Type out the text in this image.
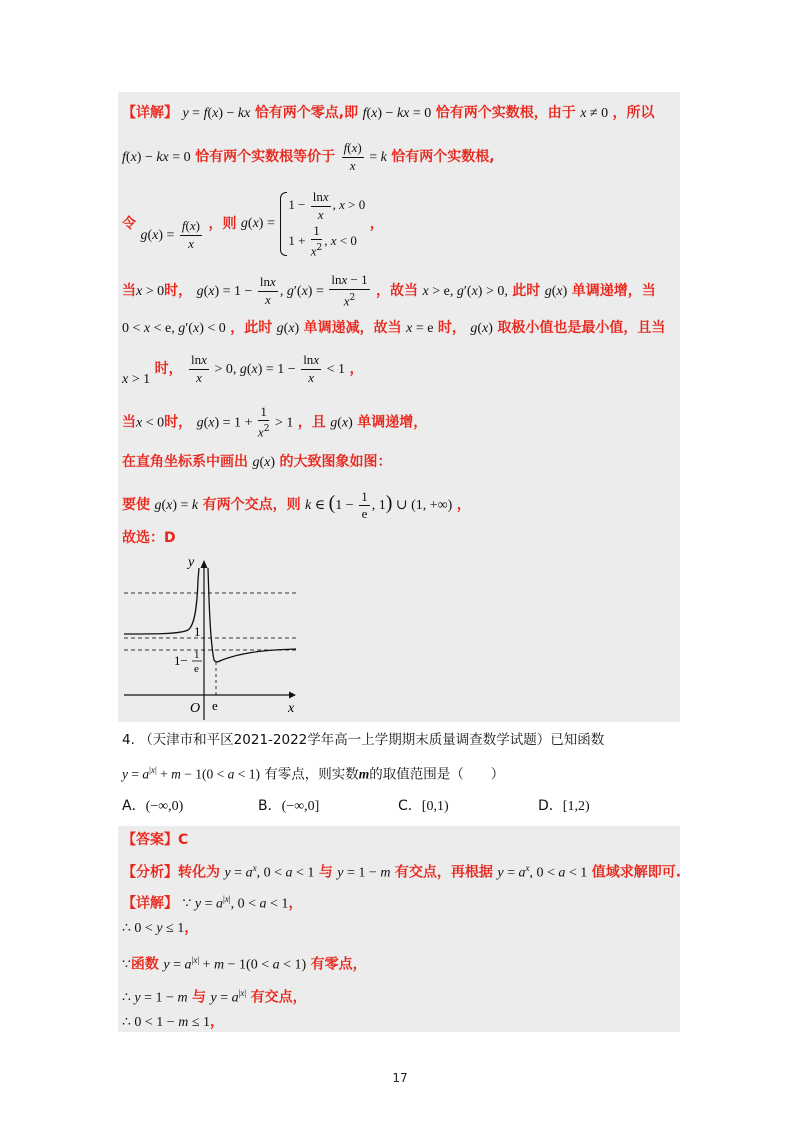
【详解】 y = f(x) − kx 恰有两个零点,即 f(x) − kx = 0 恰有两个实数根，由于 x ≠ 0 ，所以
f(x) − kx = 0 恰有两个实数根等价于 $\frac{f(x)}{x} = k$ 恰有两个实数根,
令 $g(x) = \frac{f(x)}{x}$ ，则 g(x) =
$1 - \frac{\ln x}{x}$ , x > 0
$1 + \frac{1}{x^2}$ , x < 0
，
当x > 0时， $g(x) = 1 - \frac{\ln x}{x}$ , $g'(x) = \frac{\ln x - 1}{x^2}$ ，故当 x > e, g′(x) > 0, 此时 g(x) 单调递增，当
0 < x < e, g′(x) < 0 ，此时 g(x) 单调递减，故当 x = e 时， g(x) 取极小值也是最小值，且当
x > 1 时， $\frac{\ln x}{x} > 0$, $g(x) = 1 - \frac{\ln x}{x} < 1$ ，
当x < 0时， $g(x) = 1 + \frac{1}{x^2} > 1$ ，且 g(x) 单调递增，
在直角坐标系中画出 g(x) 的大致图象如图：
要使 g(x) = k 有两个交点，则 k ∈ ($1 - \frac{1}{e}$ , 1) ∪ (1, +∞) ，
故选：D
y
x
O e
1
1− 1
e
4. （天津市和平区2021-2022学年高一上学期期末质量调查数学试题）已知函数
$y = a^{|x|} + m - 1(0 < a < 1)$ 有零点，则实数m的取值范围是（　　）
A．(−∞,0)	B．(−∞,0]	C．[0,1)	D．[1,2)
【答案】C
【分析】转化为 $y = a^x$, 0 < a < 1 与 y = 1 − m 有交点，再根据 $y = a^x$, 0 < a < 1 值域求解即可.
【详解】 ∵ $y = a^{|x|}$, 0 < a < 1，
∴ 0 < y ≤ 1，
∵函数 $y = a^{|x|} + m - 1(0 < a < 1)$ 有零点，
∴ y = 1 − m 与 $y = a^{|x|}$ 有交点，
∴ 0 < 1 − m ≤ 1，
17
